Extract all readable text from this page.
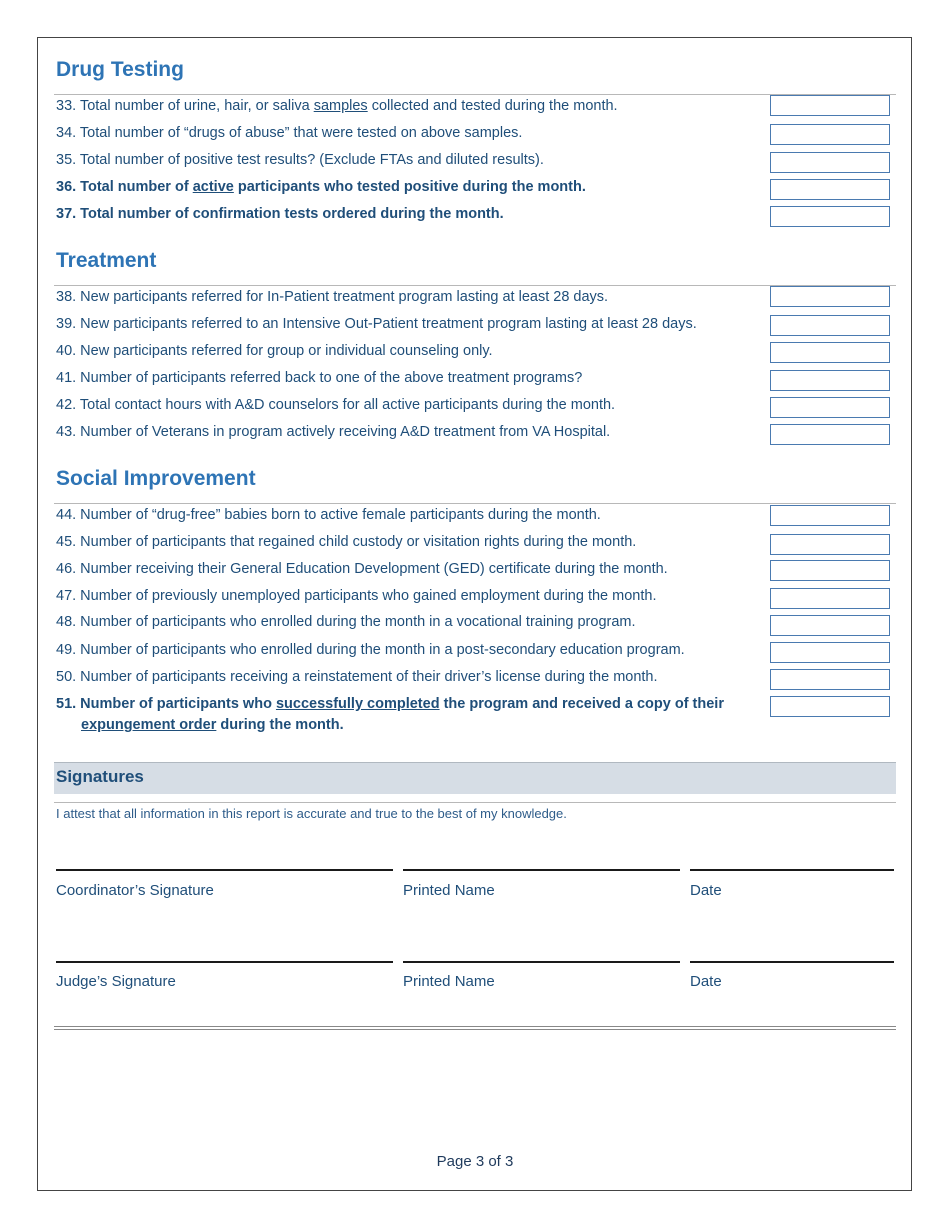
Drug Testing
33. Total number of urine, hair, or saliva samples collected and tested during the month.
34. Total number of “drugs of abuse” that were tested on above samples.
35. Total number of positive test results? (Exclude FTAs and diluted results).
36. Total number of active participants who tested positive during the month.
37. Total number of confirmation tests ordered during the month.
Treatment
38. New participants referred for In-Patient treatment program lasting at least 28 days.
39. New participants referred to an Intensive Out-Patient treatment program lasting at least 28 days.
40. New participants referred for group or individual counseling only.
41. Number of participants referred back to one of the above treatment programs?
42. Total contact hours with A&D counselors for all active participants during the month.
43. Number of Veterans in program actively receiving A&D treatment from VA Hospital.
Social Improvement
44. Number of “drug-free” babies born to active female participants during the month.
45. Number of participants that regained child custody or visitation rights during the month.
46. Number receiving their General Education Development (GED) certificate during the month.
47. Number of previously unemployed participants who gained employment during the month.
48. Number of participants who enrolled during the month in a vocational training program.
49. Number of participants who enrolled during the month in a post-secondary education program.
50. Number of participants receiving a reinstatement of their driver’s license during the month.
51. Number of participants who successfully completed the program and received a copy of their
expungement order during the month.
Signatures
I attest that all information in this report is accurate and true to the best of my knowledge.
Coordinator’s Signature	Printed Name	Date
Judge’s Signature	Printed Name	Date
Page 3 of 3
